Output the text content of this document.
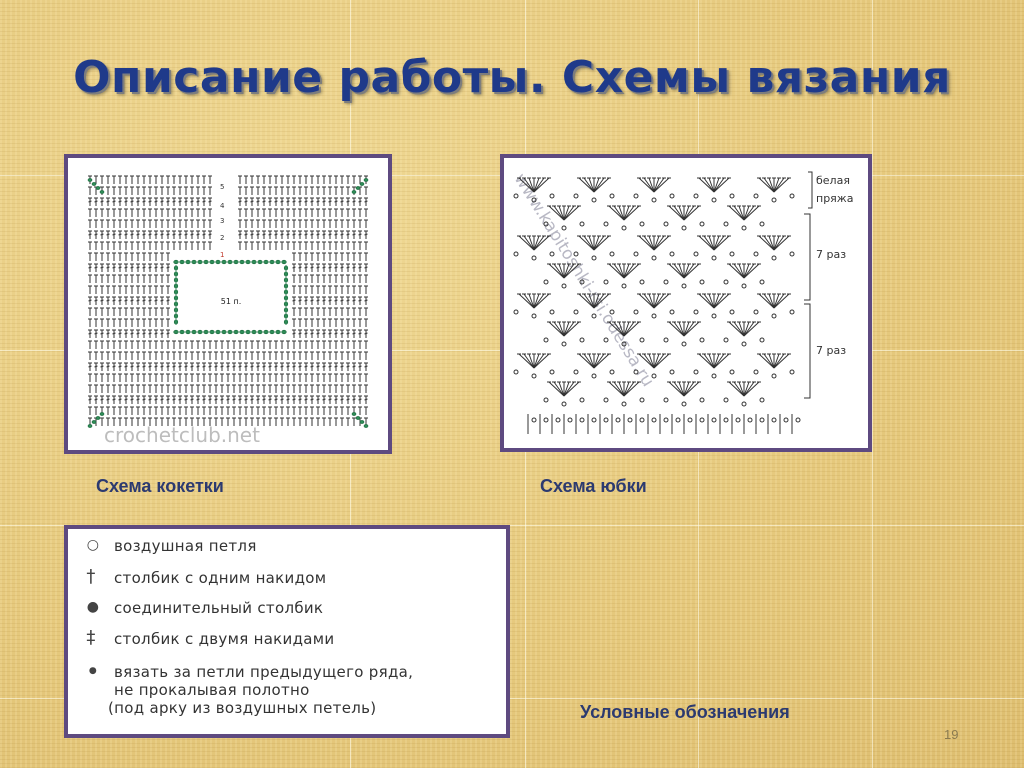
Описание работы. Схемы вязания
51 п.
5
4
3
2
1
crochetclub.net
Схема кокетки
www.kapitoshki-rsi.odessa.ru	белая
пряжа
7 раз
7 раз
Схема юбки
○ воздушная петля
† столбик с одним накидом
● соединительный столбик
‡ столбик с двумя накидами
● вязать за петли предыдущего ряда,
не прокалывая полотно
(под арку из воздушных петель)	Условные обозначения
19
